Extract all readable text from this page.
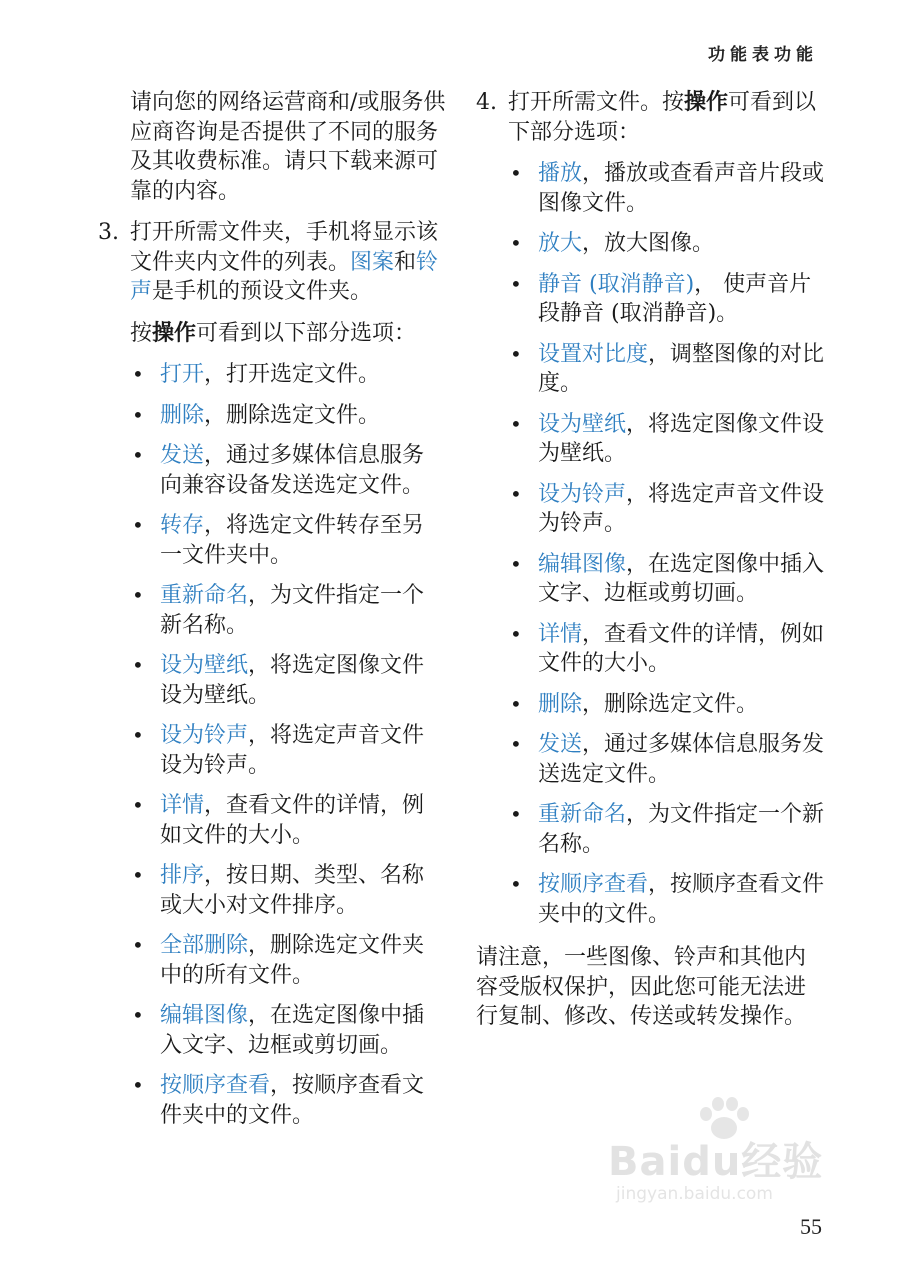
功能表功能

请向您的网络运营商和/或服务供应商咨询是否提供了不同的服务及其收费标准。请只下载来源可靠的内容。

3. 打开所需文件夹，手机将显示该文件夹内文件的列表。图案和铃声是手机的预设文件夹。

按操作可看到以下部分选项：

• 打开，打开选定文件。
• 删除，删除选定文件。
• 发送，通过多媒体信息服务向兼容设备发送选定文件。
• 转存，将选定文件转存至另一文件夹中。
• 重新命名，为文件指定一个新名称。
• 设为壁纸，将选定图像文件设为壁纸。
• 设为铃声，将选定声音文件设为铃声。
• 详情，查看文件的详情，例如文件的大小。
• 排序，按日期、类型、名称或大小对文件排序。
• 全部删除，删除选定文件夹中的所有文件。
• 编辑图像，在选定图像中插入文字、边框或剪切画。
• 按顺序查看，按顺序查看文件夹中的文件。
4. 打开所需文件。按操作可看到以下部分选项：
• 播放，播放或查看声音片段或图像文件。
• 放大，放大图像。
• 静音 (取消静音)， 使声音片段静音 (取消静音)。
• 设置对比度，调整图像的对比度。
• 设为壁纸，将选定图像文件设为壁纸。
• 设为铃声，将选定声音文件设为铃声。
• 编辑图像，在选定图像中插入文字、边框或剪切画。
• 详情，查看文件的详情，例如文件的大小。
• 删除，删除选定文件。
• 发送，通过多媒体信息服务发送选定文件。
• 重新命名，为文件指定一个新名称。
• 按顺序查看，按顺序查看文件夹中的文件。

请注意，一些图像、铃声和其他内容受版权保护，因此您可能无法进行复制、修改、传送或转发操作。

Baidu经验
jingyan.baidu.com
55
